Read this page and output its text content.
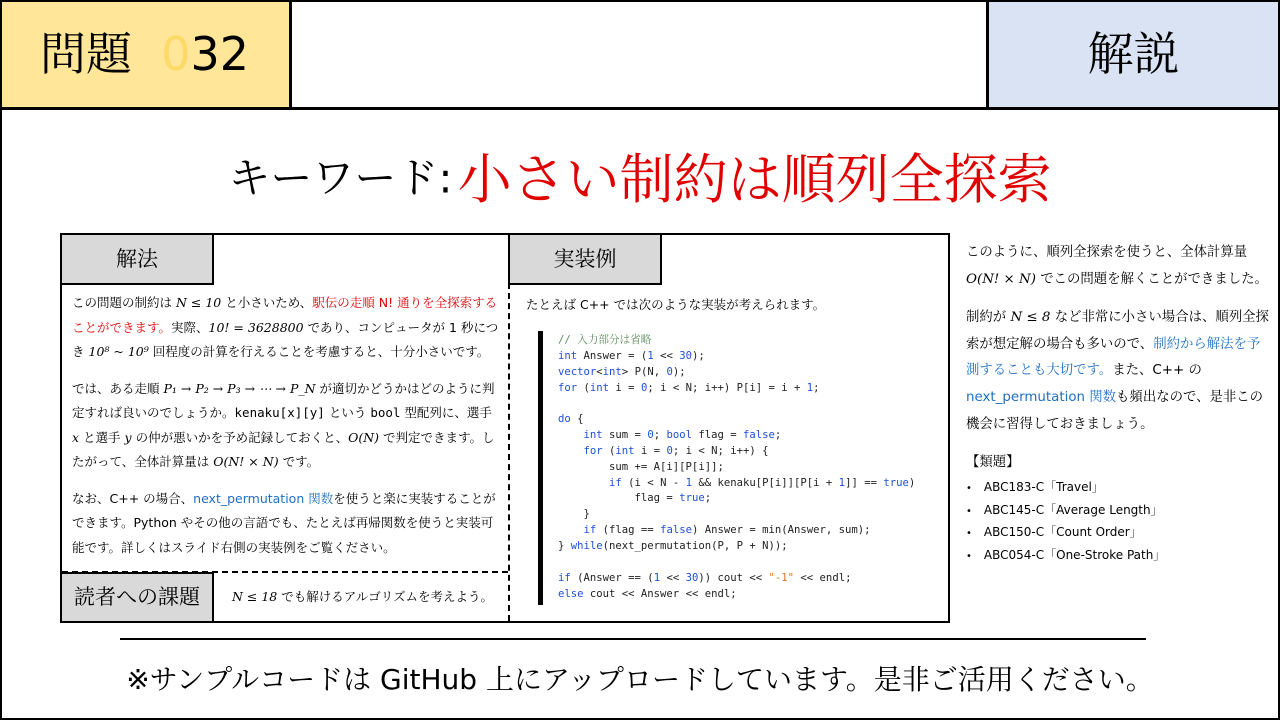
問題 032	解説
キーワード: 小さい制約は順列全探索
解法	実装例

この問題の制約は N ≤ 10 と小さいため、駅伝の走順 N! 通りを全探索することができます。実際、10! = 3628800 であり、コンピュータが 1 秒につき 10⁸ ~ 10⁹ 回程度の計算を行えることを考慮すると、十分小さいです。

では、ある走順 P₁ → P₂ → P₃ → ⋯ → P_N が適切かどうかはどのように判定すれば良いのでしょうか。kenaku[x][y] という bool 型配列に、選手 x と選手 y の仲が悪いかを予め記録しておくと、O(N) で判定できます。したがって、全体計算量は O(N! × N) です。

なお、C++ の場合、next_permutation 関数を使うと楽に実装することができます。Python やその他の言語でも、たとえば再帰関数を使うと実装可能です。詳しくはスライド右側の実装例をご覧ください。

読者への課題	N ≤ 18 でも解けるアルゴリズムを考えよう。
たとえば C++ では次のような実装が考えられます。
// 入力部分は省略
int Answer = (1 << 30);
vector<int> P(N, 0);
for (int i = 0; i < N; i++) P[i] = i + 1;

do {
int sum = 0; bool flag = false;
for (int i = 0; i < N; i++) {
sum += A[i][P[i]];
if (i < N - 1 && kenaku[P[i]][P[i + 1]] == true)
flag = true;
}
if (flag == false) Answer = min(Answer, sum);
} while(next_permutation(P, P + N));

if (Answer == (1 << 30)) cout << "-1" << endl;
else cout << Answer << endl;

このように、順列全探索を使うと、全体計算量 O(N! × N) でこの問題を解くことができました。

制約が N ≤ 8 など非常に小さい場合は、順列全探索が想定解の場合も多いので、制約から解法を予測することも大切です。また、C++ の next_permutation 関数も頻出なので、是非この機会に習得しておきましょう。

【類題】
• ABC183-C「Travel」
• ABC145-C「Average Length」
• ABC150-C「Count Order」
• ABC054-C「One-Stroke Path」
※サンプルコードは GitHub 上にアップロードしています。是非ご活用ください。
